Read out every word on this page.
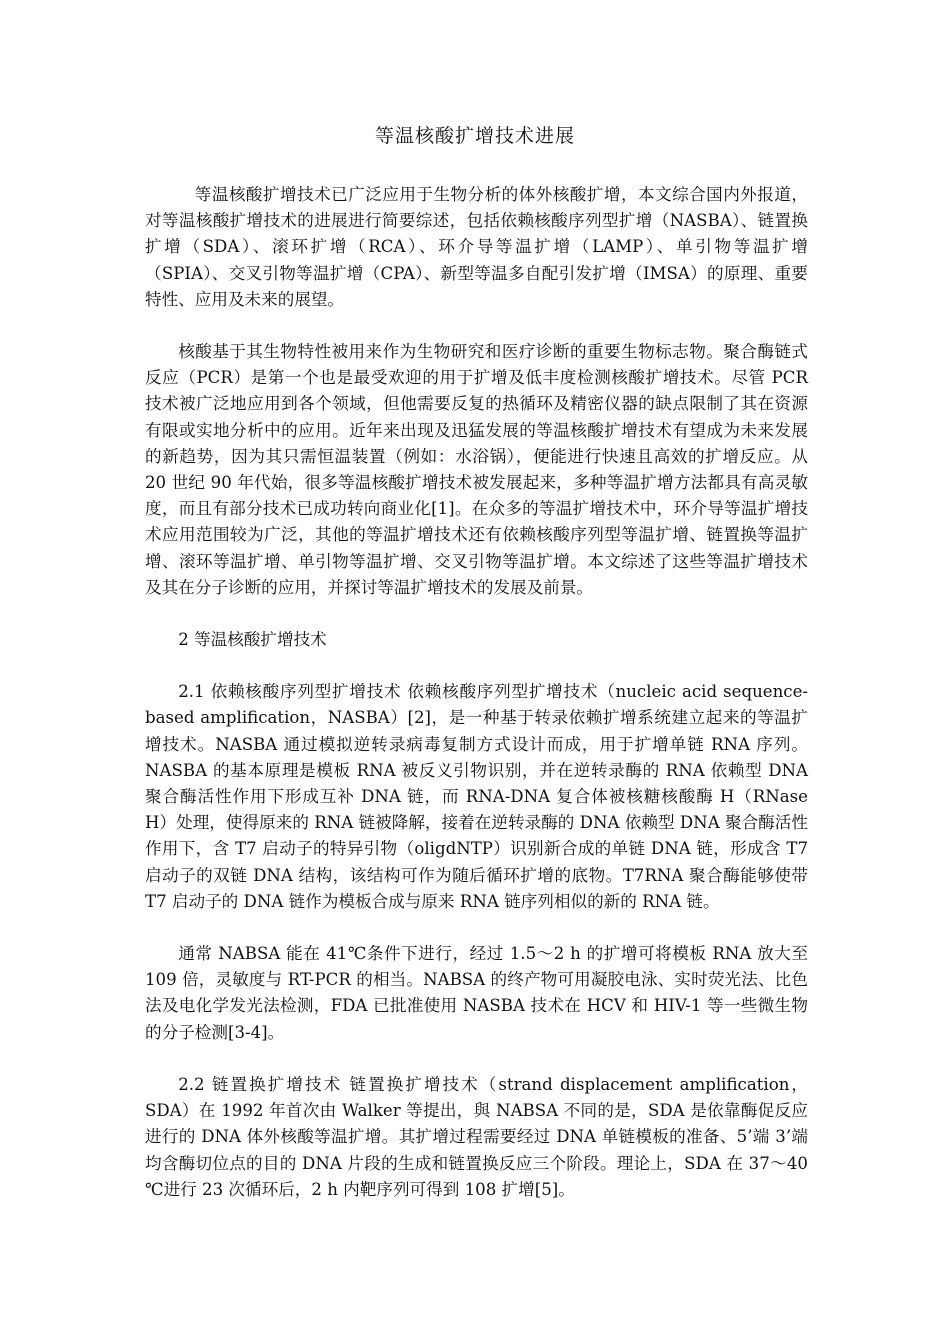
等温核酸扩增技术进展

等温核酸扩增技术已广泛应用于生物分析的体外核酸扩增，本文综合国内外报道，对等温核酸扩增技术的进展进行简要综述，包括依赖核酸序列型扩增（NASBA）、链置换扩增（SDA）、滚环扩增（RCA）、环介导等温扩增（LAMP）、单引物等温扩增（SPIA）、交叉引物等温扩增（CPA）、新型等温多自配引发扩增（IMSA）的原理、重要特性、应用及未来的展望。

核酸基于其生物特性被用来作为生物研究和医疗诊断的重要生物标志物。聚合酶链式反应（PCR）是第一个也是最受欢迎的用于扩增及低丰度检测核酸扩增技术。尽管 PCR 技术被广泛地应用到各个领域，但他需要反复的热循环及精密仪器的缺点限制了其在资源有限或实地分析中的应用。近年来出现及迅猛发展的等温核酸扩增技术有望成为未来发展的新趋势，因为其只需恒温装置（例如：水浴锅），便能进行快速且高效的扩增反应。从 20 世纪 90 年代始，很多等温核酸扩增技术被发展起来，多种等温扩增方法都具有高灵敏度，而且有部分技术已成功转向商业化[1]。在众多的等温扩增技术中，环介导等温扩增技术应用范围较为广泛，其他的等温扩增技术还有依赖核酸序列型等温扩增、链置换等温扩增、滚环等温扩增、单引物等温扩增、交叉引物等温扩增。本文综述了这些等温扩增技术及其在分子诊断的应用，并探讨等温扩增技术的发展及前景。

2 等温核酸扩增技术

2.1 依赖核酸序列型扩增技术 依赖核酸序列型扩增技术（nucleic acid sequence-based amplification，NASBA）[2]，是一种基于转录依赖扩增系统建立起来的等温扩增技术。NASBA 通过模拟逆转录病毒复制方式设计而成，用于扩增单链 RNA 序列。NASBA 的基本原理是模板 RNA 被反义引物识别，并在逆转录酶的 RNA 依赖型 DNA 聚合酶活性作用下形成互补 DNA 链，而 RNA-DNA 复合体被核糖核酸酶 H（RNase H）处理，使得原来的 RNA 链被降解，接着在逆转录酶的 DNA 依赖型 DNA 聚合酶活性作用下，含 T7 启动子的特异引物（oligdNTP）识别新合成的单链 DNA 链，形成含 T7 启动子的双链 DNA 结构，该结构可作为随后循环扩增的底物。T7RNA 聚合酶能够使带 T7 启动子的 DNA 链作为模板合成与原来 RNA 链序列相似的新的 RNA 链。

通常 NABSA 能在 41℃条件下进行，经过 1.5～2 h 的扩增可将模板 RNA 放大至 109 倍，灵敏度与 RT-PCR 的相当。NABSA 的终产物可用凝胶电泳、实时荧光法、比色法及电化学发光法检测，FDA 已批准使用 NASBA 技术在 HCV 和 HIV-1 等一些微生物的分子检测[3-4]。

2.2 链置换扩增技术 链置换扩增技术（strand displacement amplification，SDA）在 1992 年首次由 Walker 等提出，與 NABSA 不同的是，SDA 是依靠酶促反应进行的 DNA 体外核酸等温扩增。其扩增过程需要经过 DNA 单链模板的准备、5’端 3’端均含酶切位点的目的 DNA 片段的生成和链置换反应三个阶段。理论上，SDA 在 37～40 ℃进行 23 次循环后，2 h 内靶序列可得到 108 扩增[5]。
